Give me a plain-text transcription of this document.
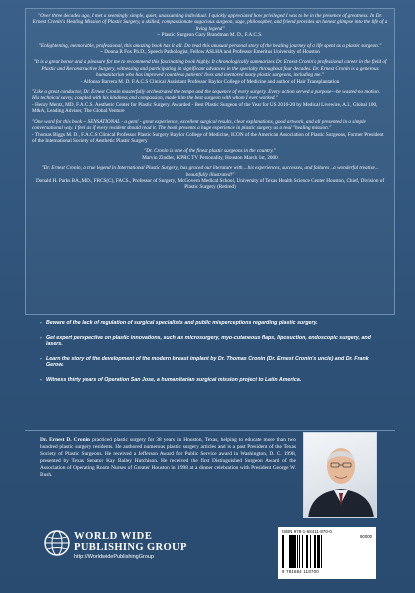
"Over three decades ago, I met a seemingly simple, quiet, unassuming individual. I quickly appreciated how privileged I was to be in the presence of greatness. In Dr. Ernest Cronin's Healing Mission of Plastic Surgery, a skilled, compassionate sagacious surgeon, sage, philosopher, and friend provides an honest glimpse into the life of a living legend"
~ Plastic Surgeon Gary Brandman M. D., F.A.C.S.
"Enlightening, memorable, professional, this amazing book has it all. Do read this unusual personal story of the healing journey of a life spent as a plastic surgeon."
~ Donna R Fox Ph.D., Speech Pathologist, Fellow ASLHA and Professor Emeritus University of Houston
"It is a great honor and a pleasure for me to recommend this fascinating book highly. It chronologically summarizes Dr. Ernest Cronin's professional career in the field of Plastic and Reconstructive Surgery, witnessing and participating in significant advances in the specialty throughout four decades. Dr. Ernest Cronin is a generous humanitarian who has improved countless patients' lives and mentored many plastic surgeons, including me."
- Alfonso Barrera M. D. F.A.C.S Clinical Assistant Professor Baylor College of Medicine and author of Hair Transplantation
"Like a great conductor, Dr. Ernest Cronin masterfully orchestrated the tempo and the sequence of every surgery. Every action served a purpose—he wasted no motion. His technical savvy, coupled with his kindness and compassion, made him the best surgeon with whom I ever worked."
- Henry Mentz, MD, F.A.C.S. Aesthetic Center for Plastic Surgery. Awarded - Best Plastic Surgeon of the Year for US 2016-20 by Medical Livewire, A.I., Global 100, M&A, Leading Adviser, The Global Venture
"One word for this book ~ SENSATIONAL - a gem! - great experience, excellent surgical results, clear explanations, good artwork, and all presented in a simple conversational way. I feel as if every resident should read it. The book presents a huge experience in plastic surgery as a real "healing mission."
- Thomas Biggs M. D., F.A.C.S Clinical Professor Plastic Surgery Baylor College of Medicine, ICON of the American Association of Plastic Surgeons, Former President of the International Society of Aesthetic Plastic Surgery
"Dr. Cronin is one of the finest plastic surgeons in the country."
Marvin Zindler, KPRC TV Personality, Houston March 1st, 2000
"Dr. Ernest Cronin, a true legend in International Plastic Surgery, has graced our literature with....his experiences, successes, and failures ..a wonderful treatise... beautifully illustrated!"
Donald H. Parks BA.,MD., FRCS(C), FACS., Professor of Surgery, McGovern Medical School, University of Texas Health Science Center Houston, Chief, Division of Plastic Surgery (Retired)
- Beware of the lack of regulation of surgical specialists and public misperceptions regarding plastic surgery.
- Get expert perspective on plastic innovations, such as microsurgery, myo-cutaneous flaps, liposuction, endoscopic surgery, and lasers.
- Learn the story of the development of the modern breast implant by Dr. Thomas Cronin (Dr. Ernest Cronin's uncle) and Dr. Frank Gerow.
- Witness thirty years of Operation San Jose, a humanitarian surgical mission project to Latin America.
Dr. Ernest D. Cronin practiced plastic surgery for 38 years in Houston, Texas, helping to educate more than two hundred plastic surgery residents. He authored numerous plastic surgery articles and is a past President of the Texas Society of Plastic Surgeons. He received a Jefferson Award for Public Service award in Washington, D. C. 1998, presented by Texas Senator Kay Bailey Hutchison. He received the first Distinguished Surgeon Award of the Association of Operating Room Nurses of Greater Houston in 1998 at a dinner celebration with President George W. Bush.
WORLD WIDE
PUBLISHING GROUP
http://WorldwidePublishingGroup
ISBN 978-1-68411-870-0
90000
9 781684 118700
